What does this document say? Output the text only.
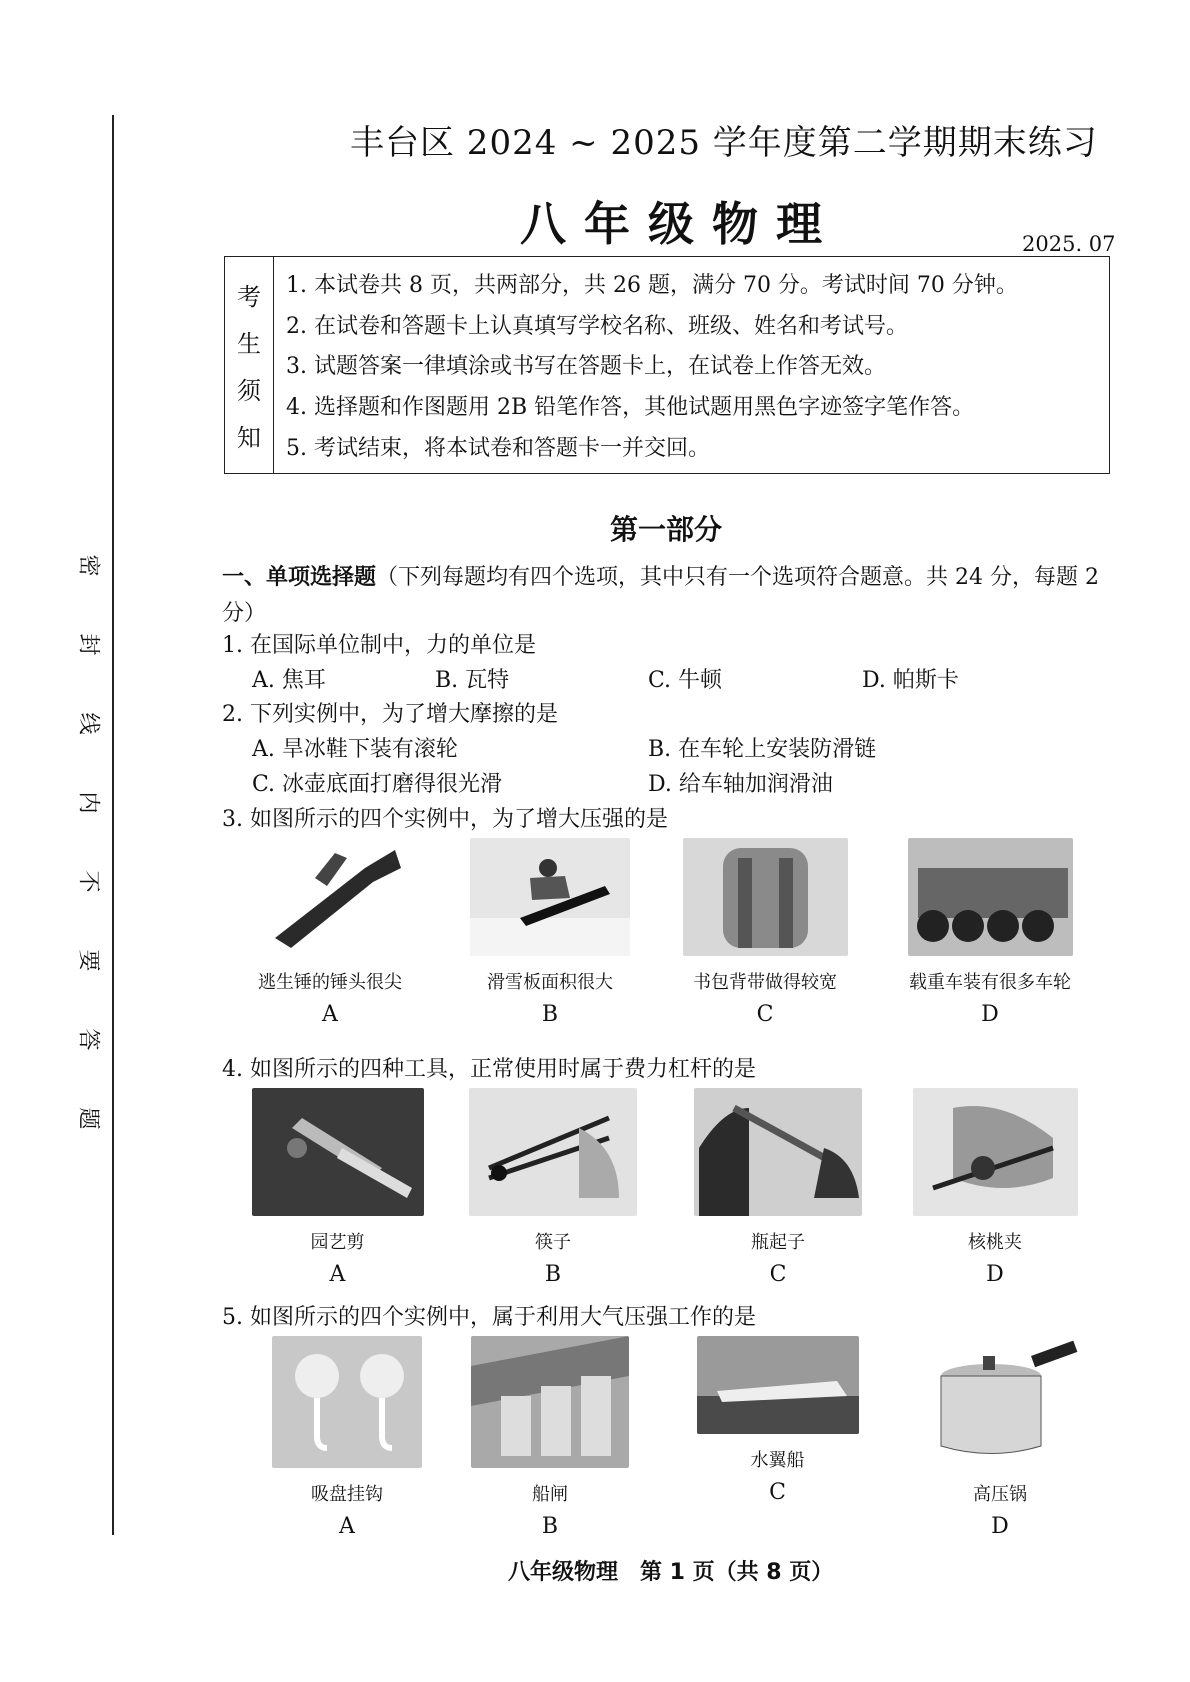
密
封
线
内
不
要
答
题
丰台区 2024 ~ 2025 学年度第二学期期末练习
八年级物理	2025. 07
考
生
须
知
1. 本试卷共 8 页，共两部分，共 26 题，满分 70 分。考试时间 70 分钟。
2. 在试卷和答题卡上认真填写学校名称、班级、姓名和考试号。
3. 试题答案一律填涂或书写在答题卡上，在试卷上作答无效。
4. 选择题和作图题用 2B 铅笔作答，其他试题用黑色字迹签字笔作答。
5. 考试结束，将本试卷和答题卡一并交回。
第一部分
一、单项选择题（下列每题均有四个选项，其中只有一个选项符合题意。共 24 分，每题 2 分）
1. 在国际单位制中，力的单位是
A. 焦耳	B. 瓦特	C. 牛顿	D. 帕斯卡
2. 下列实例中，为了增大摩擦的是
A. 旱冰鞋下装有滚轮	B. 在车轮上安装防滑链
C. 冰壶底面打磨得很光滑	D. 给车轴加润滑油
3. 如图所示的四个实例中，为了增大压强的是
逃生锤的锤头很尖
A
滑雪板面积很大
B
书包背带做得较宽
C
载重车装有很多车轮
D
4. 如图所示的四种工具，正常使用时属于费力杠杆的是
园艺剪
A
筷子
B
瓶起子
C
核桃夹
D
5. 如图所示的四个实例中，属于利用大气压强工作的是
吸盘挂钩
A
船闸
B
水翼船
C	高压锅
D
八年级物理　第 1 页（共 8 页）
